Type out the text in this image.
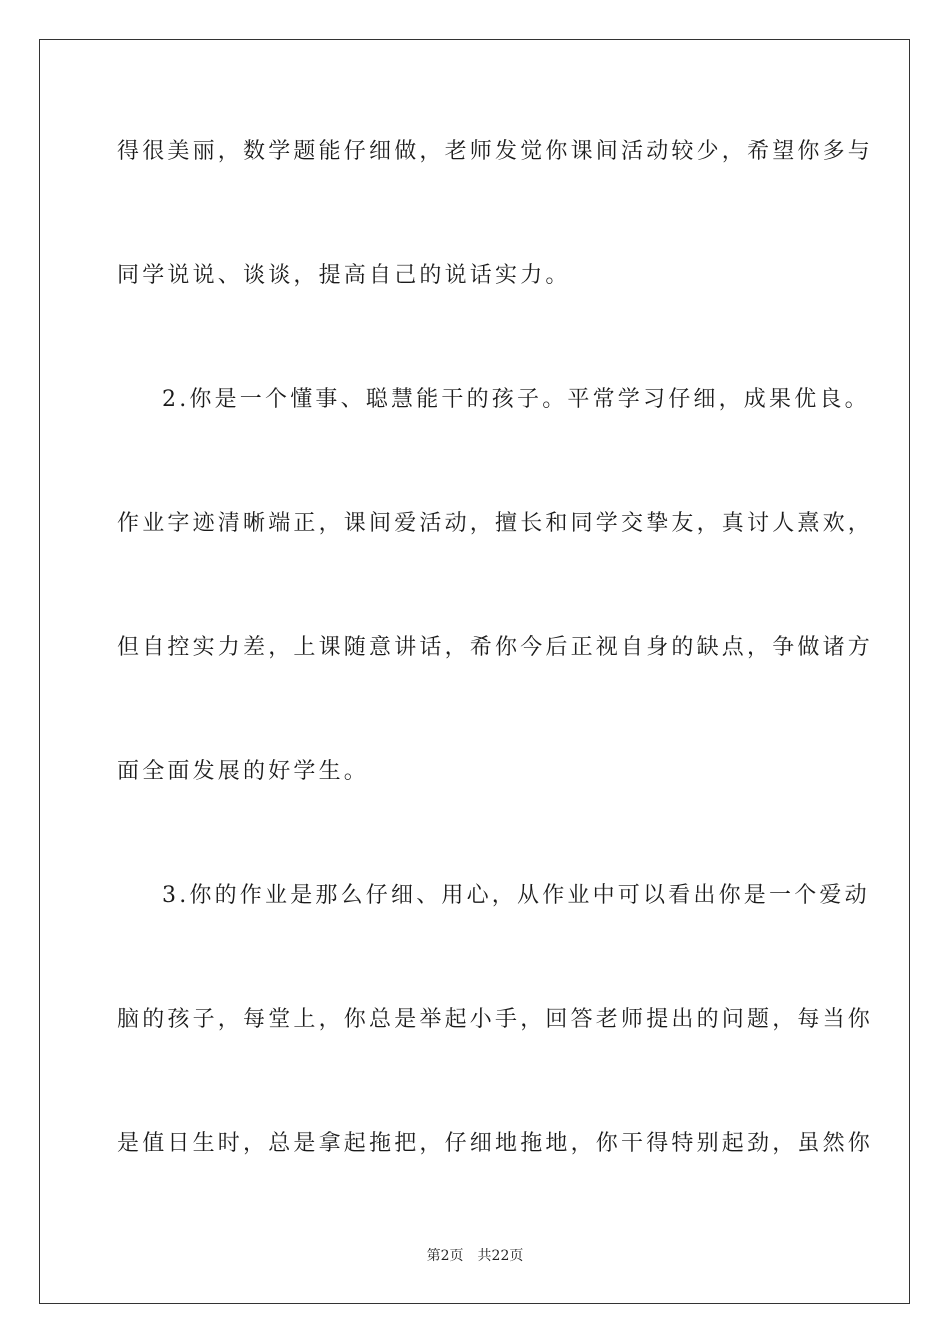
得很美丽，数学题能仔细做，老师发觉你课间活动较少，希望你多与
同学说说、谈谈，提高自己的说话实力。
2.你是一个懂事、聪慧能干的孩子。平常学习仔细，成果优良。
作业字迹清晰端正，课间爱活动，擅长和同学交挚友，真讨人熹欢，
但自控实力差，上课随意讲话，希你今后正视自身的缺点，争做诸方
面全面发展的好学生。
3.你的作业是那么仔细、用心，从作业中可以看出你是一个爱动
脑的孩子，每堂上，你总是举起小手，回答老师提出的问题，每当你
是值日生时，总是拿起拖把，仔细地拖地，你干得特别起劲，虽然你
第2页 共22页
